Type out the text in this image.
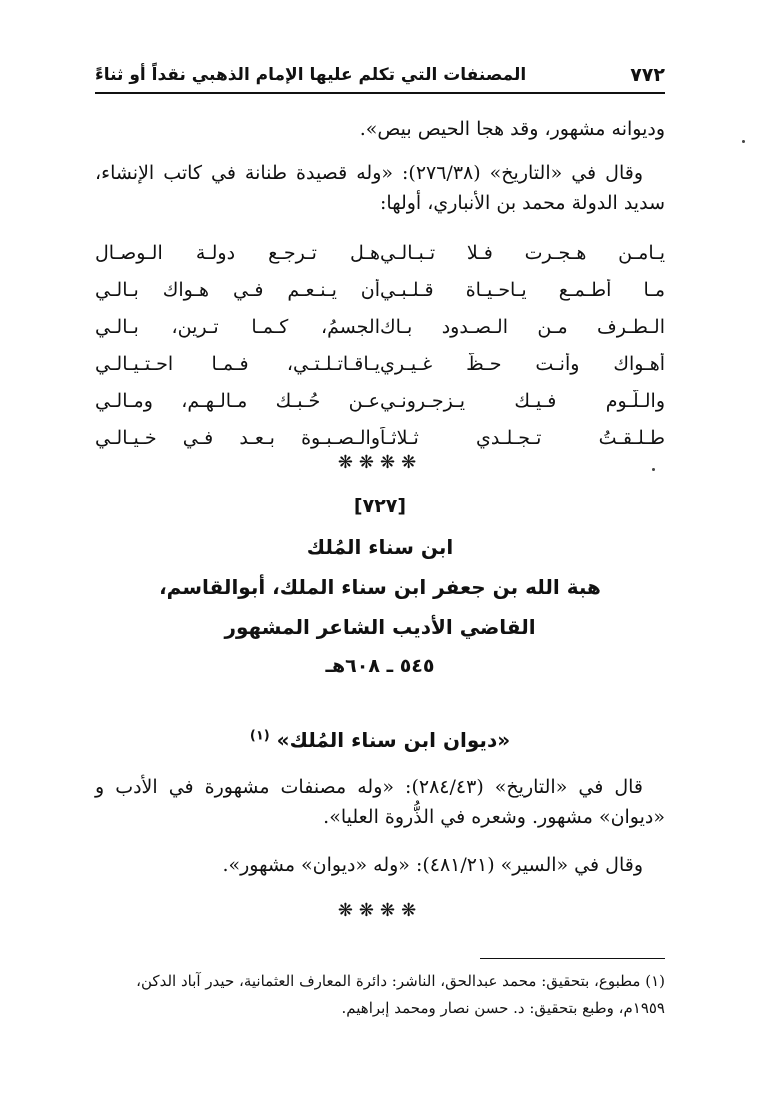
٧٧٢
المصنفات التي تكلم عليها الإمام الذهبي نقداً أو ثناءً
وديوانه مشهور، وقد هجا الحيص بيص».
وقال في «التاريخ» (٢٧٦/٣٨): «وله قصيدة طنانة في كاتب الإنشاء، سديد الدولة محمد بن الأنباري، أولها:
يـامـن هـجـرت فـلا تـبـالـي
هـل تـرجـع دولـة الـوصـال
مـا أطـمـع يـاحـيـاة قـلـبـي
أن يـنـعـم فـي هـواك بـالـي
الـطـرف مـن الـصـدود بـاك
الجسمُ، كـمـا تـرين، بـالـي
أهـواك وأنـت حـظُّ غـيـري
يـاقـاتـلـتـي، فـمـا احـتـيـالـي
والـلُّـوم فـيـك يـزجـرونـي
عـن حُـبـك مـالـهـم، ومـالـي
طـلـقـتُ تـجـلـدي ثـلاثـاً
والـصـبـوة بـعـد فـي خـيـالـي
❋❋❋❋
[٧٢٧]
ابن سناء المُلك
هبة الله بن جعفر ابن سناء الملك، أبوالقاسم،
القاضي الأديب الشاعر المشهور
٥٤٥ ـ ٦٠٨هـ
«ديوان ابن سناء المُلك» $^{(١)}$
قال في «التاريخ» (٢٨٤/٤٣): «وله مصنفات مشهورة في الأدب و «ديوان» مشهور. وشعره في الذُّروة العليا».
وقال في «السير» (٤٨١/٢١): «وله «ديوان» مشهور».
❋❋❋❋
(١) مطبوع، بتحقيق: محمد عبدالحق، الناشر: دائرة المعارف العثمانية، حيدر آباد الدكن، ١٩٥٩م، وطبع بتحقيق: د. حسن نصار ومحمد إبراهيم.
